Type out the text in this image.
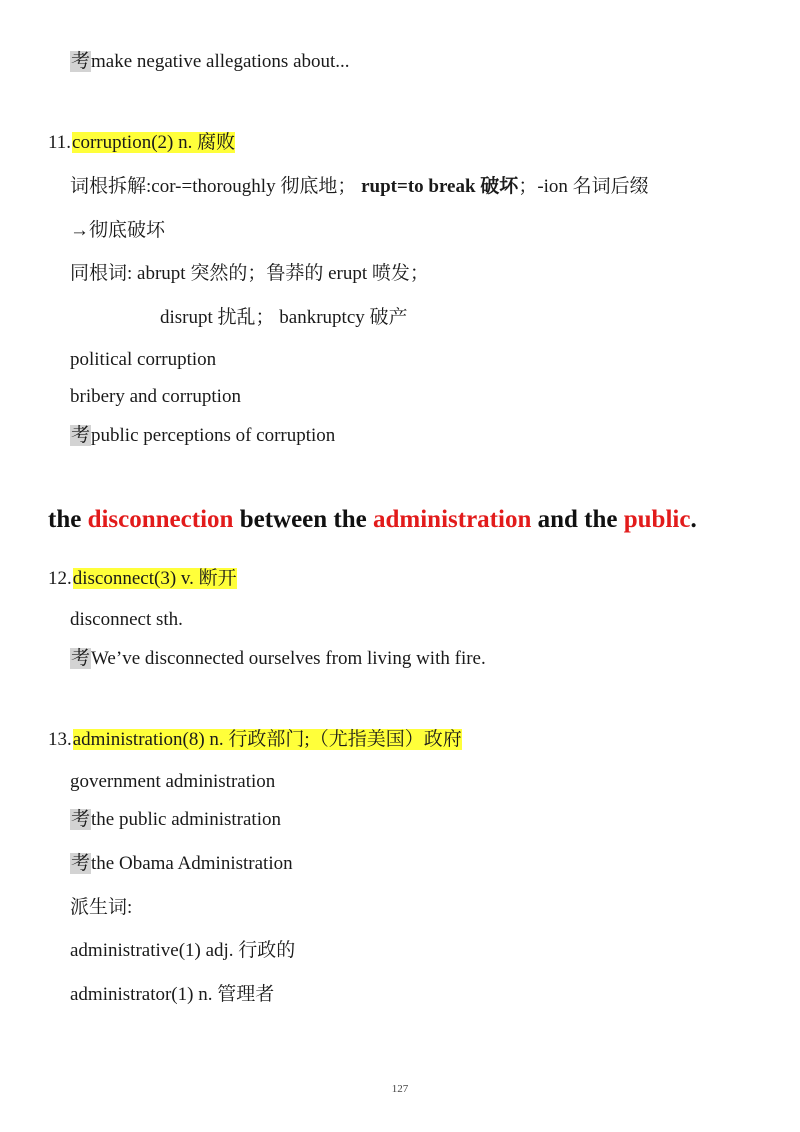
考make negative allegations about...
11.corruption(2) n. 腐败
词根拆解:cor-=thoroughly 彻底地； rupt=to break 破坏；-ion 名词后缀
→彻底破坏
同根词: abrupt 突然的；鲁莽的 erupt 喷发；
disrupt 扰乱； bankruptcy 破产
political corruption
bribery and corruption
考public perceptions of corruption
the disconnection between the administration and the public.
12.disconnect(3) v. 断开
disconnect sth.
考We’ve disconnected ourselves from living with fire.
13.administration(8) n. 行政部门;（尤指美国）政府
government administration
考the public administration
考the Obama Administration
派生词:
administrative(1) adj. 行政的
administrator(1) n. 管理者
127
